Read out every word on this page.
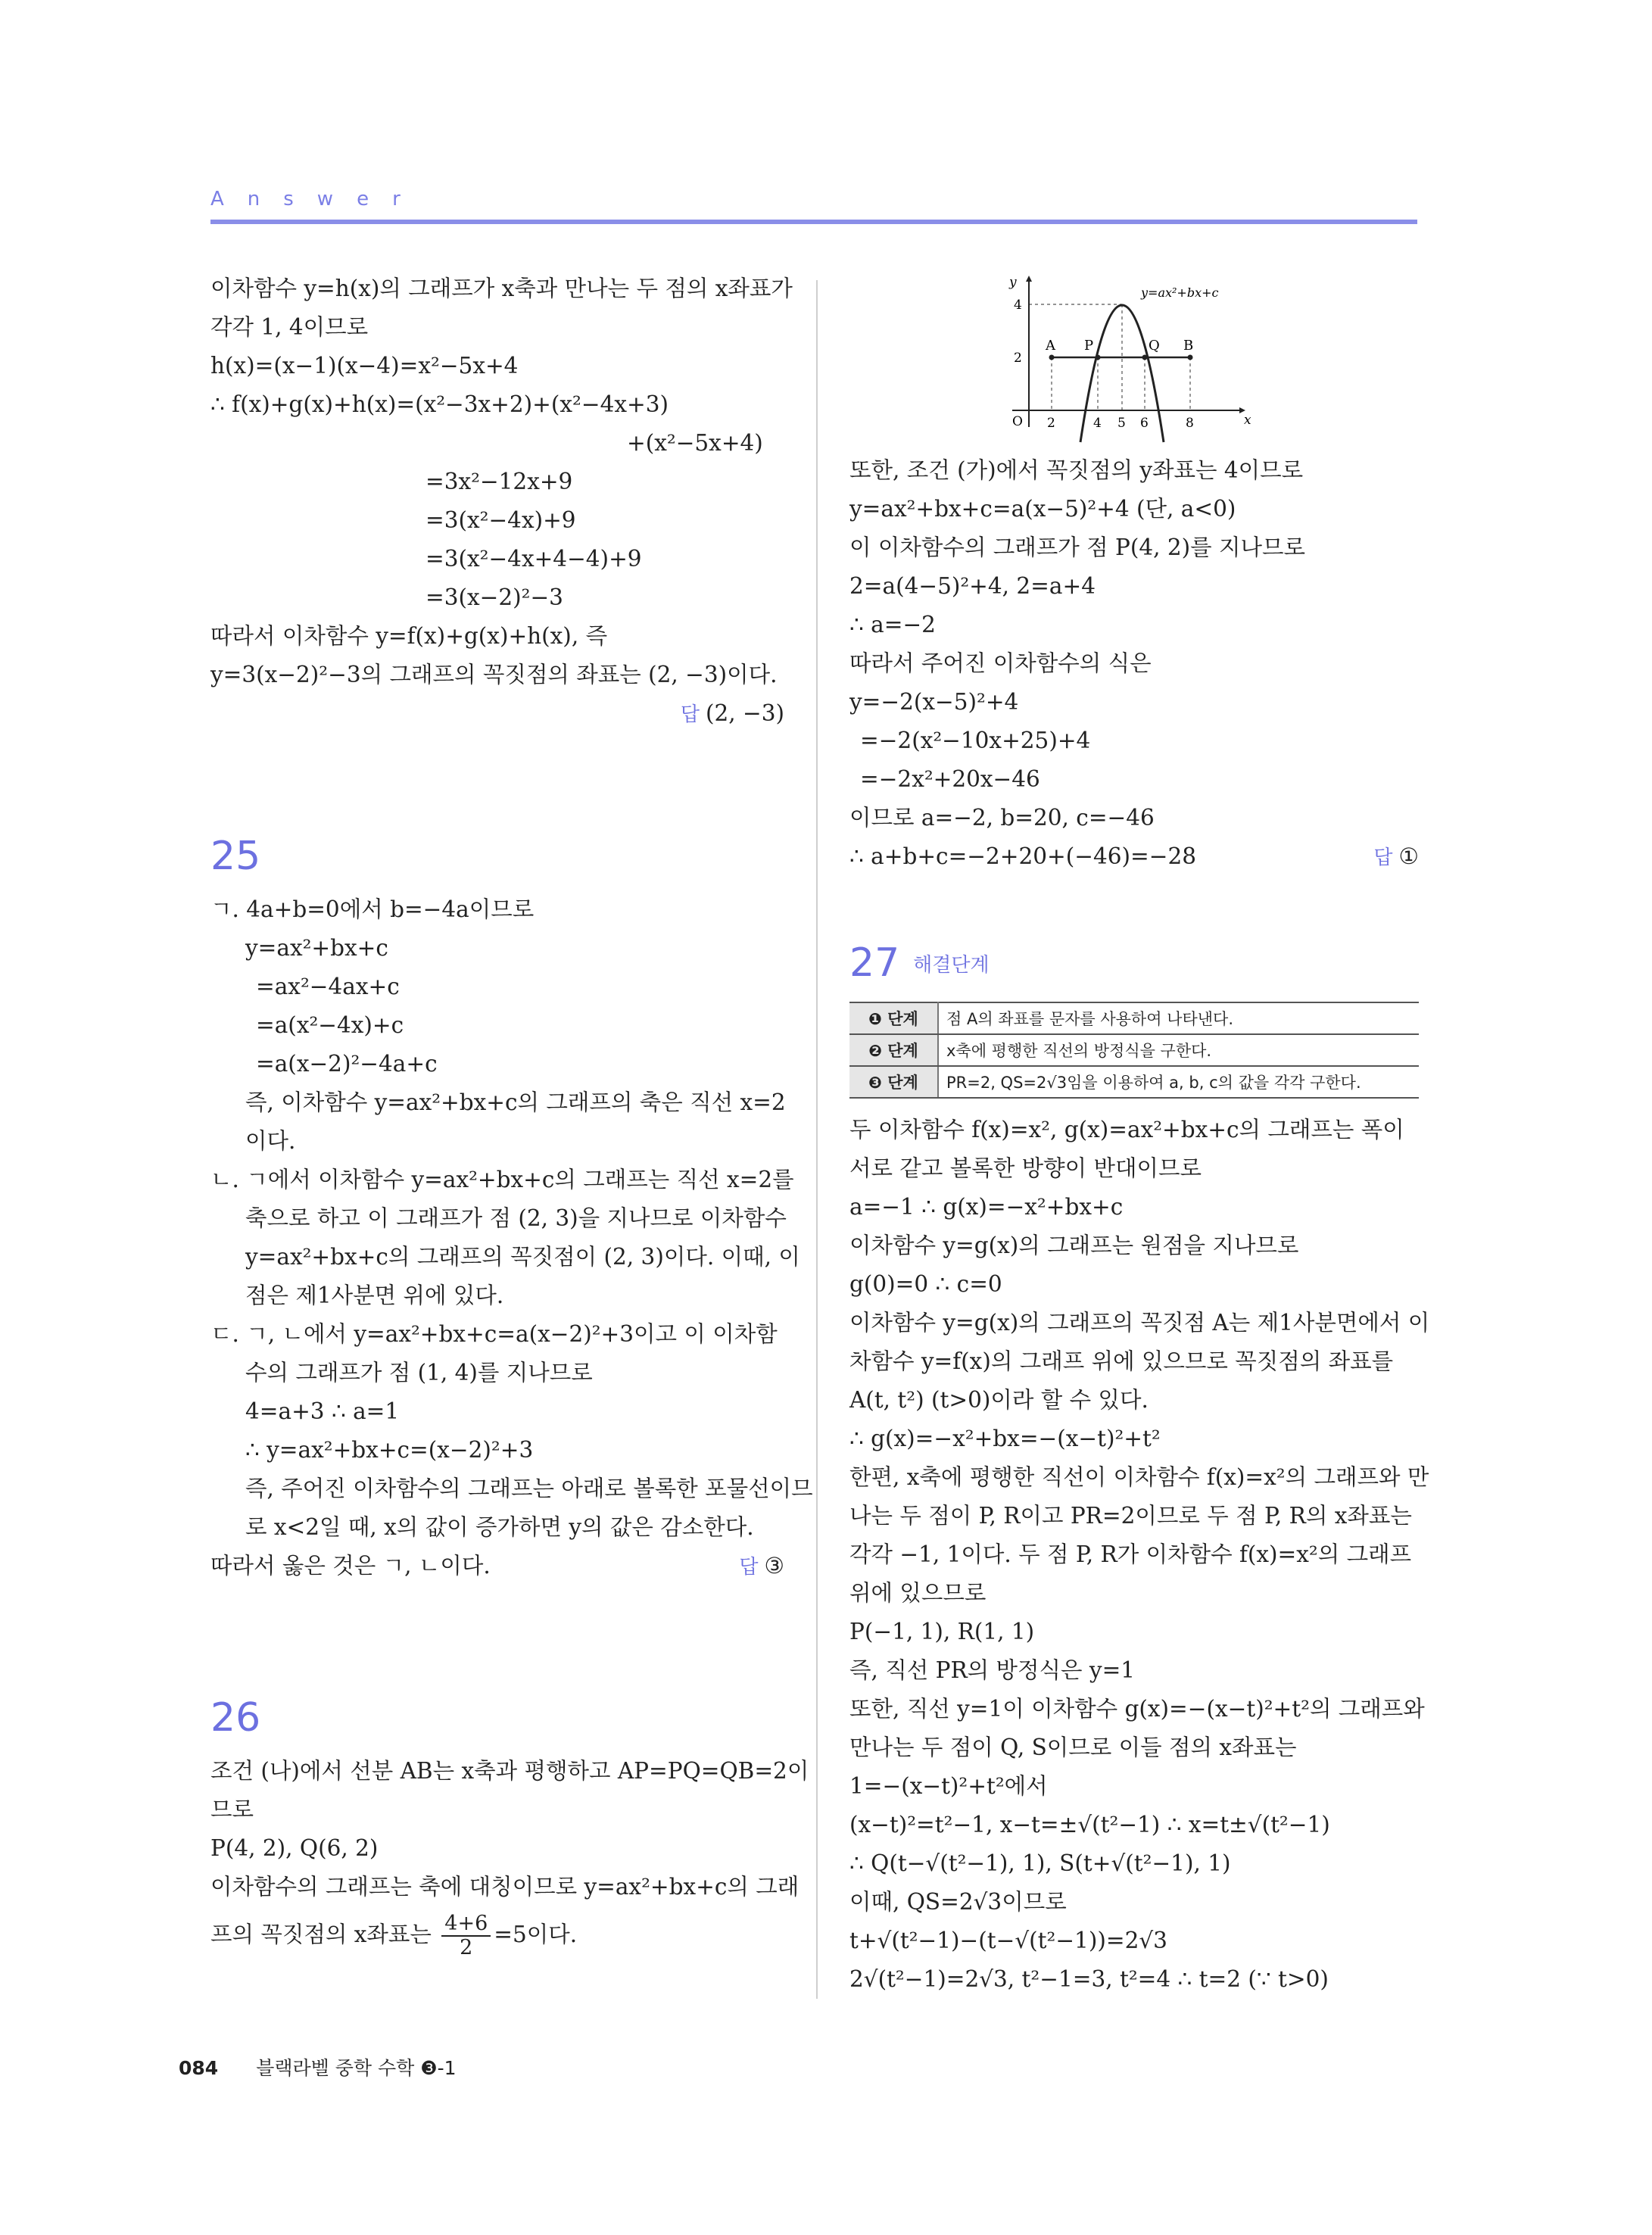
Answer
이차함수 y=h(x)의 그래프가 x축과 만나는 두 점의 x좌표가
각각 1, 4이므로
h(x)=(x−1)(x−4)=x²−5x+4
∴ f(x)+g(x)+h(x)=(x²−3x+2)+(x²−4x+3)
+(x²−5x+4)
=3x²−12x+9
=3(x²−4x)+9
=3(x²−4x+4−4)+9
=3(x−2)²−3
따라서 이차함수 y=f(x)+g(x)+h(x), 즉
y=3(x−2)²−3의 그래프의 꼭짓점의 좌표는 (2, −3)이다.
답 (2, −3)
25
ㄱ. 4a+b=0에서 b=−4a이므로
y=ax²+bx+c
=ax²−4ax+c
=a(x²−4x)+c
=a(x−2)²−4a+c
즉, 이차함수 y=ax²+bx+c의 그래프의 축은 직선 x=2
이다.
ㄴ. ㄱ에서 이차함수 y=ax²+bx+c의 그래프는 직선 x=2를
축으로 하고 이 그래프가 점 (2, 3)을 지나므로 이차함수
y=ax²+bx+c의 그래프의 꼭짓점이 (2, 3)이다. 이때, 이
점은 제1사분면 위에 있다.
ㄷ. ㄱ, ㄴ에서 y=ax²+bx+c=a(x−2)²+3이고 이 이차함
수의 그래프가 점 (1, 4)를 지나므로
4=a+3 ∴ a=1
∴ y=ax²+bx+c=(x−2)²+3
즉, 주어진 이차함수의 그래프는 아래로 볼록한 포물선이므
로 x<2일 때, x의 값이 증가하면 y의 값은 감소한다.
따라서 옳은 것은 ㄱ, ㄴ이다.	답 ③
26
조건 (나)에서 선분 AB는 x축과 평행하고 AP=PQ=QB=2이
므로
P(4, 2), Q(6, 2)
이차함수의 그래프는 축에 대칭이므로 y=ax²+bx+c의 그래
프의 꼭짓점의 x좌표는 $\frac{4+6}{2} =5$이다.
y
x
O
4
2
2	4 5 6	8
A P	Q B
y=ax²+bx+c
또한, 조건 (가)에서 꼭짓점의 y좌표는 4이므로
y=ax²+bx+c=a(x−5)²+4 (단, a<0)
이 이차함수의 그래프가 점 P(4, 2)를 지나므로
2=a(4−5)²+4, 2=a+4
∴ a=−2
따라서 주어진 이차함수의 식은
y=−2(x−5)²+4
=−2(x²−10x+25)+4
=−2x²+20x−46
이므로 a=−2, b=20, c=−46
∴ a+b+c=−2+20+(−46)=−28	답 ①
27 해결단계
❶ 단계	점 A의 좌표를 문자를 사용하여 나타낸다.
❷ 단계	x축에 평행한 직선의 방정식을 구한다.
❸ 단계	PR=2, QS=2√3임을 이용하여 a, b, c의 값을 각각 구한다.
두 이차함수 f(x)=x², g(x)=ax²+bx+c의 그래프는 폭이
서로 같고 볼록한 방향이 반대이므로
a=−1 ∴ g(x)=−x²+bx+c
이차함수 y=g(x)의 그래프는 원점을 지나므로
g(0)=0 ∴ c=0
이차함수 y=g(x)의 그래프의 꼭짓점 A는 제1사분면에서 이
차함수 y=f(x)의 그래프 위에 있으므로 꼭짓점의 좌표를
A(t, t²) (t>0)이라 할 수 있다.
∴ g(x)=−x²+bx=−(x−t)²+t²
한편, x축에 평행한 직선이 이차함수 f(x)=x²의 그래프와 만
나는 두 점이 P, R이고 PR=2이므로 두 점 P, R의 x좌표는
각각 −1, 1이다. 두 점 P, R가 이차함수 f(x)=x²의 그래프
위에 있으므로
P(−1, 1), R(1, 1)
즉, 직선 PR의 방정식은 y=1
또한, 직선 y=1이 이차함수 g(x)=−(x−t)²+t²의 그래프와
만나는 두 점이 Q, S이므로 이들 점의 x좌표는
1=−(x−t)²+t²에서
(x−t)²=t²−1, x−t=±√(t²−1) ∴ x=t±√(t²−1)
∴ Q(t−√(t²−1), 1), S(t+√(t²−1), 1)
이때, QS=2√3이므로
t+√(t²−1)−(t−√(t²−1))=2√3
2√(t²−1)=2√3, t²−1=3, t²=4 ∴ t=2 (∵ t>0)
084 블랙라벨 중학 수학 ❸-1
